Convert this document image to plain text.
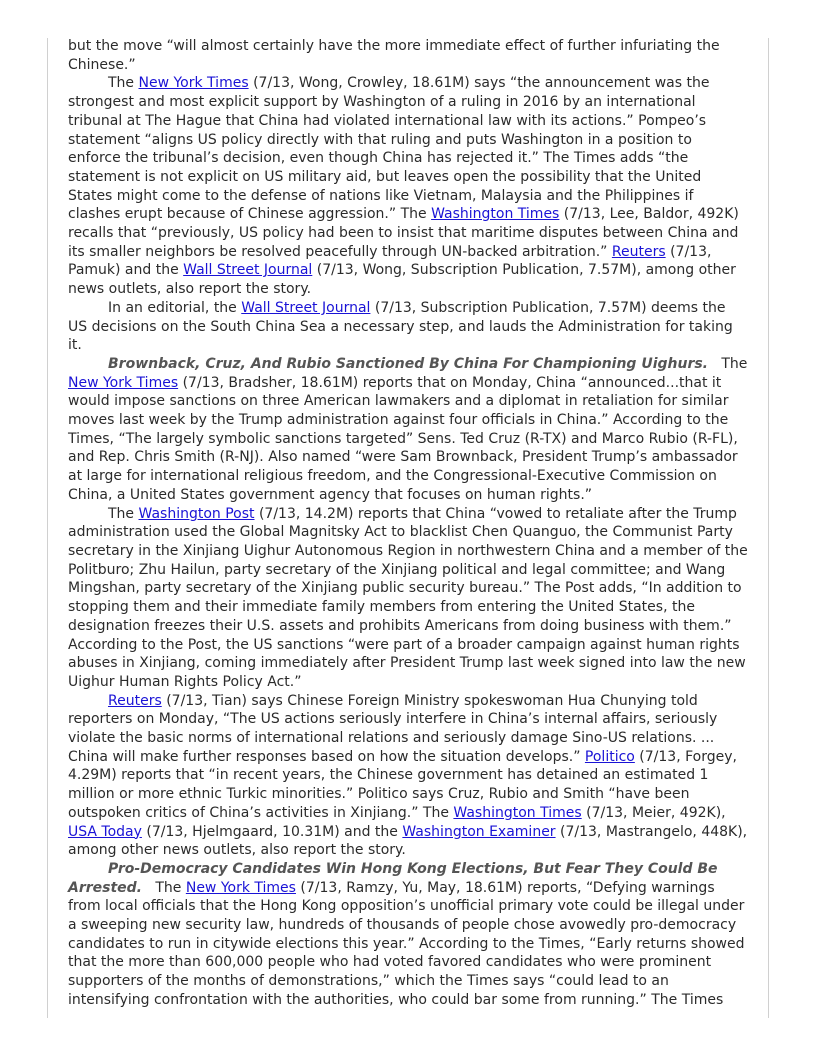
but the move “will almost certainly have the more immediate effect of further infuriating the Chinese.”

The New York Times (7/13, Wong, Crowley, 18.61M) says “the announcement was the strongest and most explicit support by Washington of a ruling in 2016 by an international tribunal at The Hague that China had violated international law with its actions.” Pompeo’s statement “aligns US policy directly with that ruling and puts Washington in a position to enforce the tribunal’s decision, even though China has rejected it.” The Times adds “the statement is not explicit on US military aid, but leaves open the possibility that the United States might come to the defense of nations like Vietnam, Malaysia and the Philippines if clashes erupt because of Chinese aggression.” The Washington Times (7/13, Lee, Baldor, 492K) recalls that “previously, US policy had been to insist that maritime disputes between China and its smaller neighbors be resolved peacefully through UN-backed arbitration.” Reuters (7/13, Pamuk) and the Wall Street Journal (7/13, Wong, Subscription Publication, 7.57M), among other news outlets, also report the story.

In an editorial, the Wall Street Journal (7/13, Subscription Publication, 7.57M) deems the US decisions on the South China Sea a necessary step, and lauds the Administration for taking it.

Brownback, Cruz, And Rubio Sanctioned By China For Championing Uighurs.   The New York Times (7/13, Bradsher, 18.61M) reports that on Monday, China “announced...that it would impose sanctions on three American lawmakers and a diplomat in retaliation for similar moves last week by the Trump administration against four officials in China.” According to the Times, “The largely symbolic sanctions targeted” Sens. Ted Cruz (R-TX) and Marco Rubio (R-FL), and Rep. Chris Smith (R-NJ). Also named “were Sam Brownback, President Trump’s ambassador at large for international religious freedom, and the Congressional-Executive Commission on China, a United States government agency that focuses on human rights.”

The Washington Post (7/13, 14.2M) reports that China “vowed to retaliate after the Trump administration used the Global Magnitsky Act to blacklist Chen Quanguo, the Communist Party secretary in the Xinjiang Uighur Autonomous Region in northwestern China and a member of the Politburo; Zhu Hailun, party secretary of the Xinjiang political and legal committee; and Wang Mingshan, party secretary of the Xinjiang public security bureau.” The Post adds, “In addition to stopping them and their immediate family members from entering the United States, the designation freezes their U.S. assets and prohibits Americans from doing business with them.” According to the Post, the US sanctions “were part of a broader campaign against human rights abuses in Xinjiang, coming immediately after President Trump last week signed into law the new Uighur Human Rights Policy Act.”

Reuters (7/13, Tian) says Chinese Foreign Ministry spokeswoman Hua Chunying told reporters on Monday, “The US actions seriously interfere in China’s internal affairs, seriously violate the basic norms of international relations and seriously damage Sino-US relations. ... China will make further responses based on how the situation develops.” Politico (7/13, Forgey, 4.29M) reports that “in recent years, the Chinese government has detained an estimated 1 million or more ethnic Turkic minorities.” Politico says Cruz, Rubio and Smith “have been outspoken critics of China’s activities in Xinjiang.” The Washington Times (7/13, Meier, 492K), USA Today (7/13, Hjelmgaard, 10.31M) and the Washington Examiner (7/13, Mastrangelo, 448K), among other news outlets, also report the story.

Pro-Democracy Candidates Win Hong Kong Elections, But Fear They Could Be Arrested.   The New York Times (7/13, Ramzy, Yu, May, 18.61M) reports, “Defying warnings from local officials that the Hong Kong opposition’s unofficial primary vote could be illegal under a sweeping new security law, hundreds of thousands of people chose avowedly pro-democracy candidates to run in citywide elections this year.” According to the Times, “Early returns showed that the more than 600,000 people who had voted favored candidates who were prominent supporters of the months of demonstrations,” which the Times says “could lead to an intensifying confrontation with the authorities, who could bar some from running.” The Times
